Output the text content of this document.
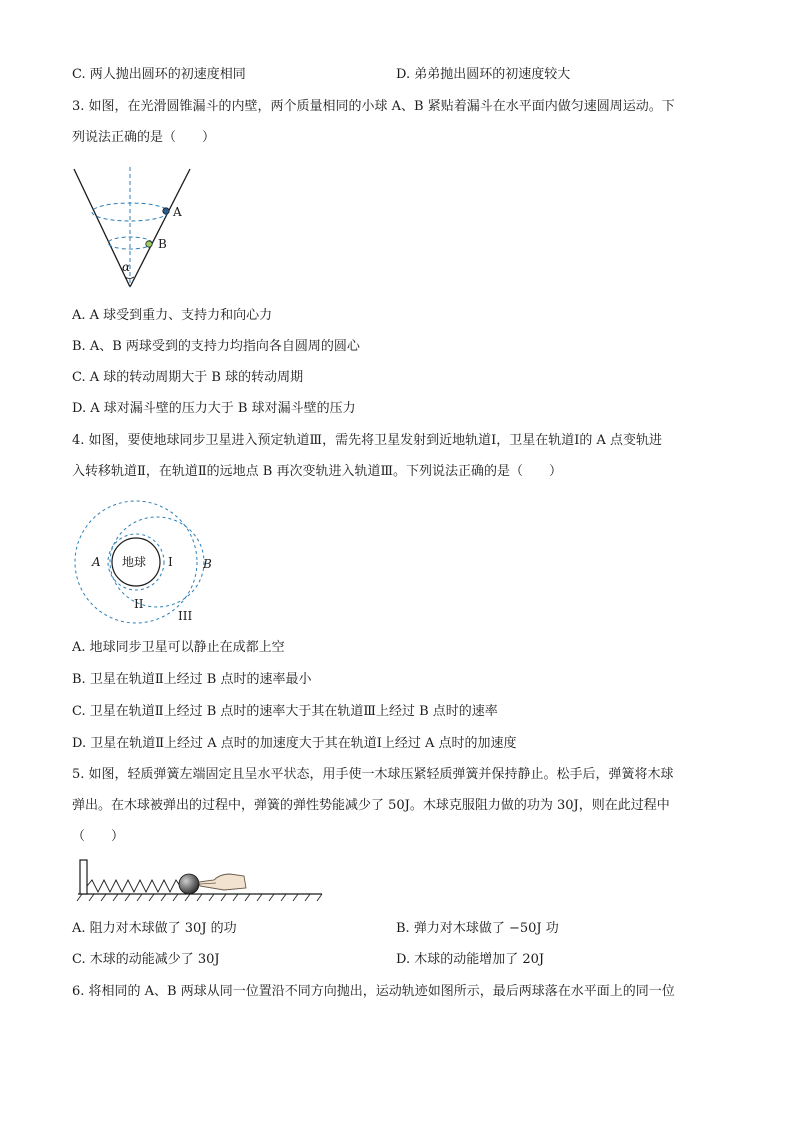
C. 两人抛出圆环的初速度相同	D. 弟弟抛出圆环的初速度较大
3. 如图，在光滑圆锥漏斗的内壁，两个质量相同的小球 A、B 紧贴着漏斗在水平面内做匀速圆周运动。下
列说法正确的是（　　）
A
B
α
A. A 球受到重力、支持力和向心力
B. A、B 两球受到的支持力均指向各自圆周的圆心
C. A 球的转动周期大于 B 球的转动周期
D. A 球对漏斗壁的压力大于 B 球对漏斗壁的压力
4. 如图，要使地球同步卫星进入预定轨道Ⅲ，需先将卫星发射到近地轨道Ⅰ，卫星在轨道Ⅰ的 A 点变轨进
入转移轨道Ⅱ，在轨道Ⅱ的远地点 B 再次变轨进入轨道Ⅲ。下列说法正确的是（　　）
地球
A	B
I
II
III
A. 地球同步卫星可以静止在成都上空
B. 卫星在轨道Ⅱ上经过 B 点时的速率最小
C. 卫星在轨道Ⅱ上经过 B 点时的速率大于其在轨道Ⅲ上经过 B 点时的速率
D. 卫星在轨道Ⅱ上经过 A 点时的加速度大于其在轨道Ⅰ上经过 A 点时的加速度
5. 如图，轻质弹簧左端固定且呈水平状态，用手使一木球压紧轻质弹簧并保持静止。松手后，弹簧将木球
弹出。在木球被弹出的过程中，弹簧的弹性势能减少了 50J。木球克服阻力做的功为 30J，则在此过程中
（　　）
A. 阻力对木球做了 30J 的功	B. 弹力对木球做了 −50J 功
C. 木球的动能减少了 30J	D. 木球的动能增加了 20J
6. 将相同的 A、B 两球从同一位置沿不同方向抛出，运动轨迹如图所示，最后两球落在水平面上的同一位
